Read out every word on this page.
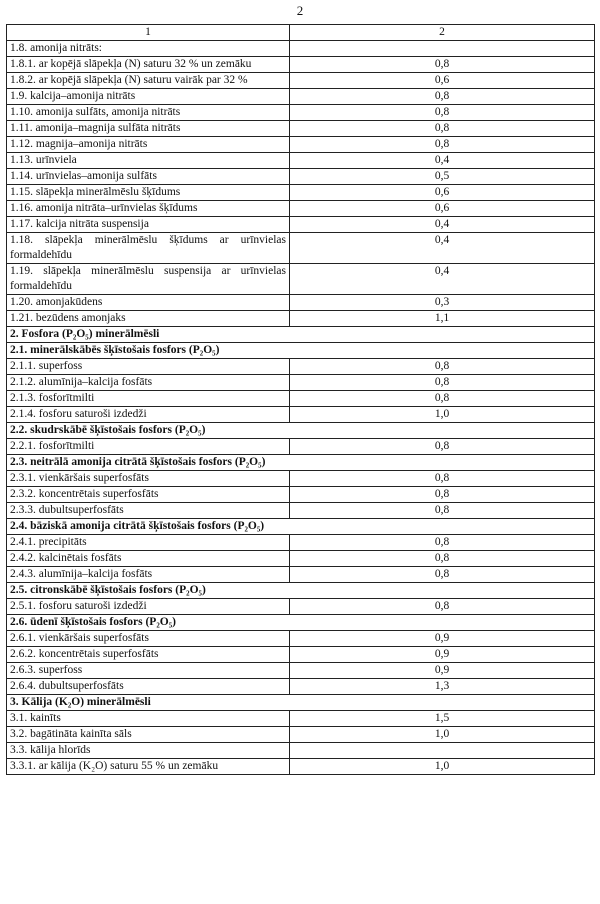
2
1	2
1.8. amonija nitrāts:	
1.8.1. ar kopējā slāpekļa (N) saturu 32 % un zemāku	0,8
1.8.2. ar kopējā slāpekļa (N) saturu vairāk par 32 %	0,6
1.9. kalcija–amonija nitrāts	0,8
1.10. amonija sulfāts, amonija nitrāts	0,8
1.11. amonija–magnija sulfāta nitrāts	0,8
1.12. magnija–amonija nitrāts	0,8
1.13. urīnviela	0,4
1.14. urīnvielas–amonija sulfāts	0,5
1.15. slāpekļa minerālmēslu šķīdums	0,6
1.16. amonija nitrāta–urīnvielas šķīdums	0,6
1.17. kalcija nitrāta suspensija	0,4
1.18. slāpekļa minerālmēslu šķīdums ar urīnvielas formaldehīdu	0,4
1.19. slāpekļa minerālmēslu suspensija ar urīnvielas formaldehīdu	0,4
1.20. amonjakūdens	0,3
1.21. bezūdens amonjaks	1,1
2. Fosfora (P₂O₅) minerālmēsli	
2.1. minerālskābēs šķīstošais fosfors (P₂O₅)	
2.1.1. superfoss	0,8
2.1.2. alumīnija–kalcija fosfāts	0,8
2.1.3. fosforītmilti	0,8
2.1.4. fosforu saturoši izdedži	1,0
2.2. skudrskābē šķīstošais fosfors (P₂O₅)	
2.2.1. fosforītmilti	0,8
2.3. neitrālā amonija citrātā šķīstošais fosfors (P₂O₅)	
2.3.1. vienkāršais superfosfāts	0,8
2.3.2. koncentrētais superfosfāts	0,8
2.3.3. dubultsuperfosfāts	0,8
2.4. bāziskā amonija citrātā šķīstošais fosfors (P₂O₅)	
2.4.1. precipitāts	0,8
2.4.2. kalcinētais fosfāts	0,8
2.4.3. alumīnija–kalcija fosfāts	0,8
2.5. citronskābē šķīstošais fosfors (P₂O₅)	
2.5.1. fosforu saturoši izdedži	0,8
2.6. ūdenī šķīstošais fosfors (P₂O₅)	
2.6.1. vienkāršais superfosfāts	0,9
2.6.2. koncentrētais superfosfāts	0,9
2.6.3. superfoss	0,9
2.6.4. dubultsuperfosfāts	1,3
3. Kālija (K₂O) minerālmēsli	
3.1. kainīts	1,5
3.2. bagātināta kainīta sāls	1,0
3.3. kālija hlorīds	
3.3.1. ar kālija (K₂O) saturu 55 % un zemāku	1,0
